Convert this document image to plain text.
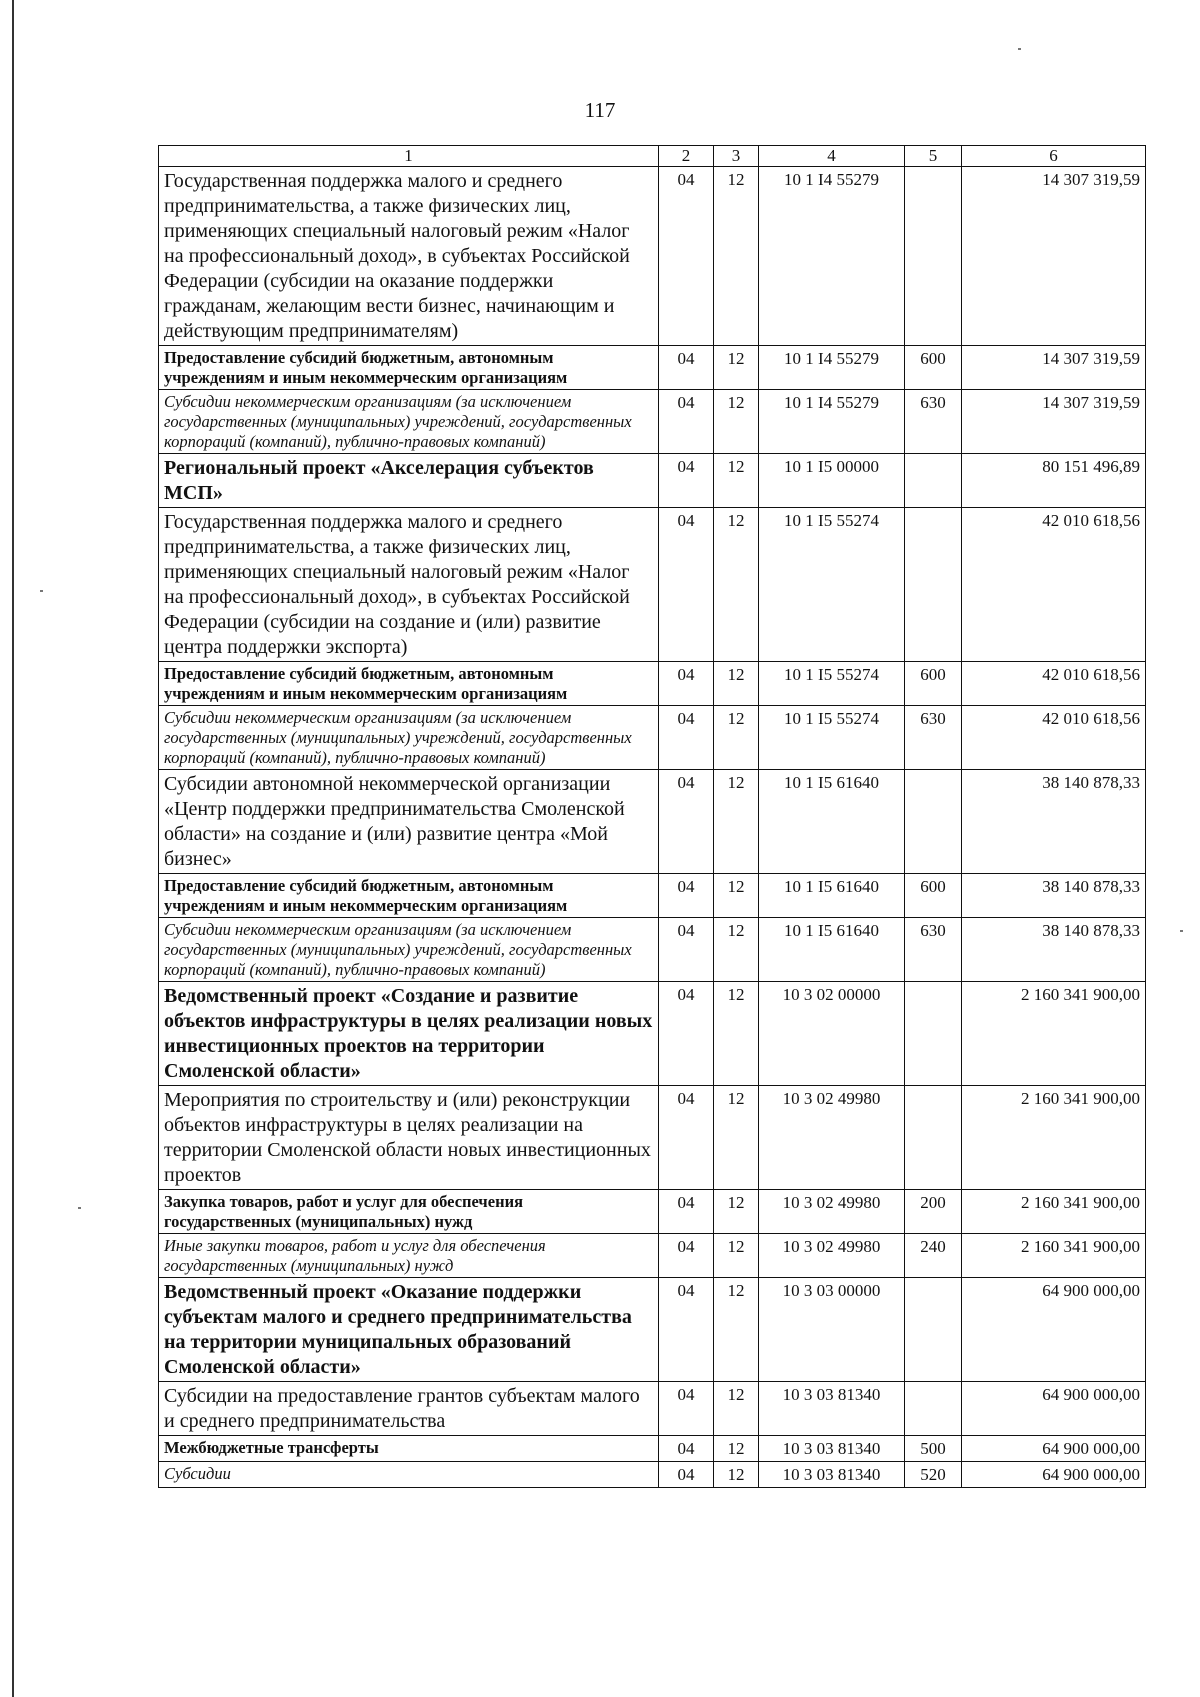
117
1	2	3	4	5	6
Государственная поддержка малого и среднего предпринимательства, а также физических лиц, применяющих специальный налоговый режим «Налог на профессиональный доход», в субъектах Российской Федерации (субсидии на оказание поддержки гражданам, желающим вести бизнес, начинающим и действующим предпринимателям)	04	12	10 1 I4 55279		14 307 319,59
Предоставление субсидий бюджетным, автономным учреждениям и иным некоммерческим организациям	04	12	10 1 I4 55279	600	14 307 319,59
Субсидии некоммерческим организациям (за исключением государственных (муниципальных) учреждений, государственных корпораций (компаний), публично-правовых компаний)	04	12	10 1 I4 55279	630	14 307 319,59
Региональный проект «Акселерация субъектов МСП»	04	12	10 1 I5 00000		80 151 496,89
Государственная поддержка малого и среднего предпринимательства, а также физических лиц, применяющих специальный налоговый режим «Налог на профессиональный доход», в субъектах Российской Федерации (субсидии на создание и (или) развитие центра поддержки экспорта)	04	12	10 1 I5 55274		42 010 618,56
Предоставление субсидий бюджетным, автономным учреждениям и иным некоммерческим организациям	04	12	10 1 I5 55274	600	42 010 618,56
Субсидии некоммерческим организациям (за исключением государственных (муниципальных) учреждений, государственных корпораций (компаний), публично-правовых компаний)	04	12	10 1 I5 55274	630	42 010 618,56
Субсидии автономной некоммерческой организации «Центр поддержки предпринимательства Смоленской области» на создание и (или) развитие центра «Мой бизнес»	04	12	10 1 I5 61640		38 140 878,33
Предоставление субсидий бюджетным, автономным учреждениям и иным некоммерческим организациям	04	12	10 1 I5 61640	600	38 140 878,33
Субсидии некоммерческим организациям (за исключением государственных (муниципальных) учреждений, государственных корпораций (компаний), публично-правовых компаний)	04	12	10 1 I5 61640	630	38 140 878,33
Ведомственный проект «Создание и развитие объектов инфраструктуры в целях реализации новых инвестиционных проектов на территории Смоленской области»	04	12	10 3 02 00000		2 160 341 900,00
Мероприятия по строительству и (или) реконструкции объектов инфраструктуры в целях реализации на территории Смоленской области новых инвестиционных проектов	04	12	10 3 02 49980		2 160 341 900,00
Закупка товаров, работ и услуг для обеспечения государственных (муниципальных) нужд	04	12	10 3 02 49980	200	2 160 341 900,00
Иные закупки товаров, работ и услуг для обеспечения государственных (муниципальных) нужд	04	12	10 3 02 49980	240	2 160 341 900,00
Ведомственный проект «Оказание поддержки субъектам малого и среднего предпринимательства на территории муниципальных образований Смоленской области»	04	12	10 3 03 00000		64 900 000,00
Субсидии на предоставление грантов субъектам малого и среднего предпринимательства	04	12	10 3 03 81340		64 900 000,00
Межбюджетные трансферты	04	12	10 3 03 81340	500	64 900 000,00
Субсидии	04	12	10 3 03 81340	520	64 900 000,00
